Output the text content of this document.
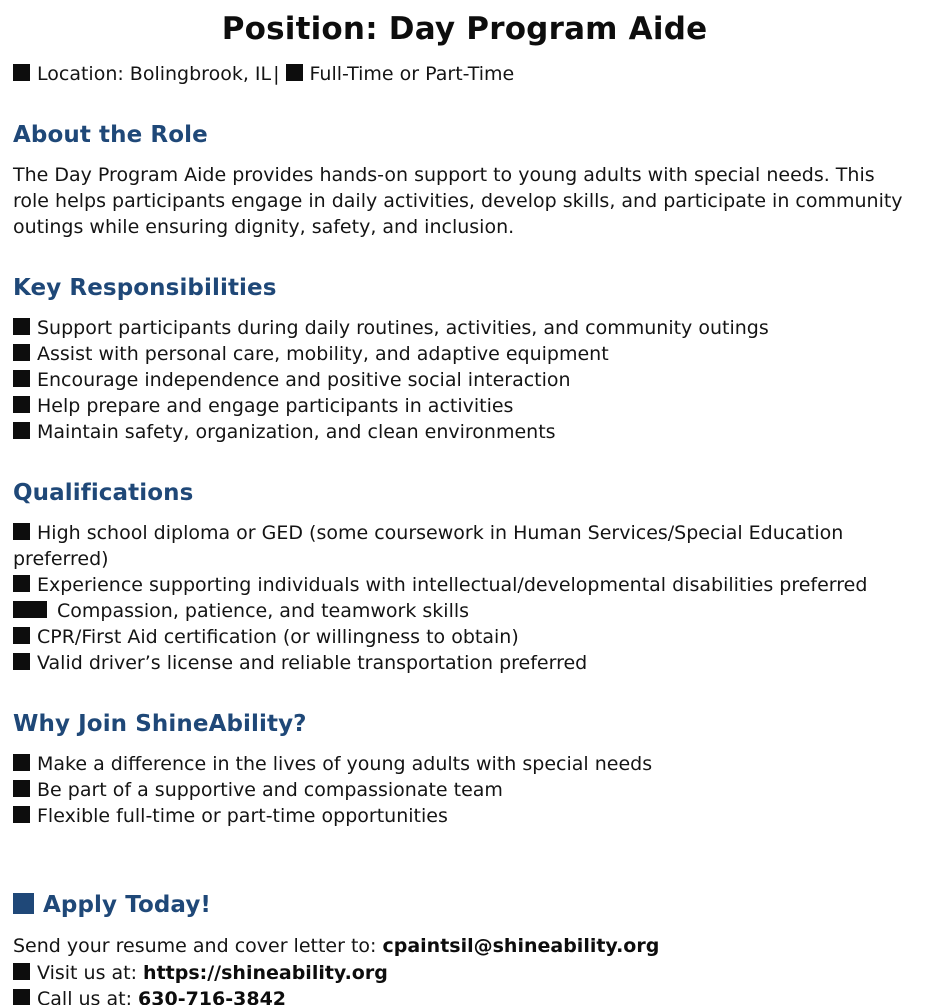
Position: Day Program Aide
Location: Bolingbrook, IL | Full-Time or Part-Time
About the Role

The Day Program Aide provides hands-on support to young adults with special needs. This role helps participants engage in daily activities, develop skills, and participate in community outings while ensuring dignity, safety, and inclusion.

Key Responsibilities
Support participants during daily routines, activities, and community outings
Assist with personal care, mobility, and adaptive equipment
Encourage independence and positive social interaction
Help prepare and engage participants in activities
Maintain safety, organization, and clean environments
Qualifications
High school diploma or GED (some coursework in Human Services/Special Education preferred)
Experience supporting individuals with intellectual/developmental disabilities preferred
Compassion, patience, and teamwork skills
CPR/First Aid certification (or willingness to obtain)
Valid driver’s license and reliable transportation preferred
Why Join ShineAbility?
Make a difference in the lives of young adults with special needs
Be part of a supportive and compassionate team
Flexible full-time or part-time opportunities
Apply Today!
Send your resume and cover letter to: cpaintsil@shineability.org
Visit us at: https://shineability.org
Call us at: 630-716-3842
